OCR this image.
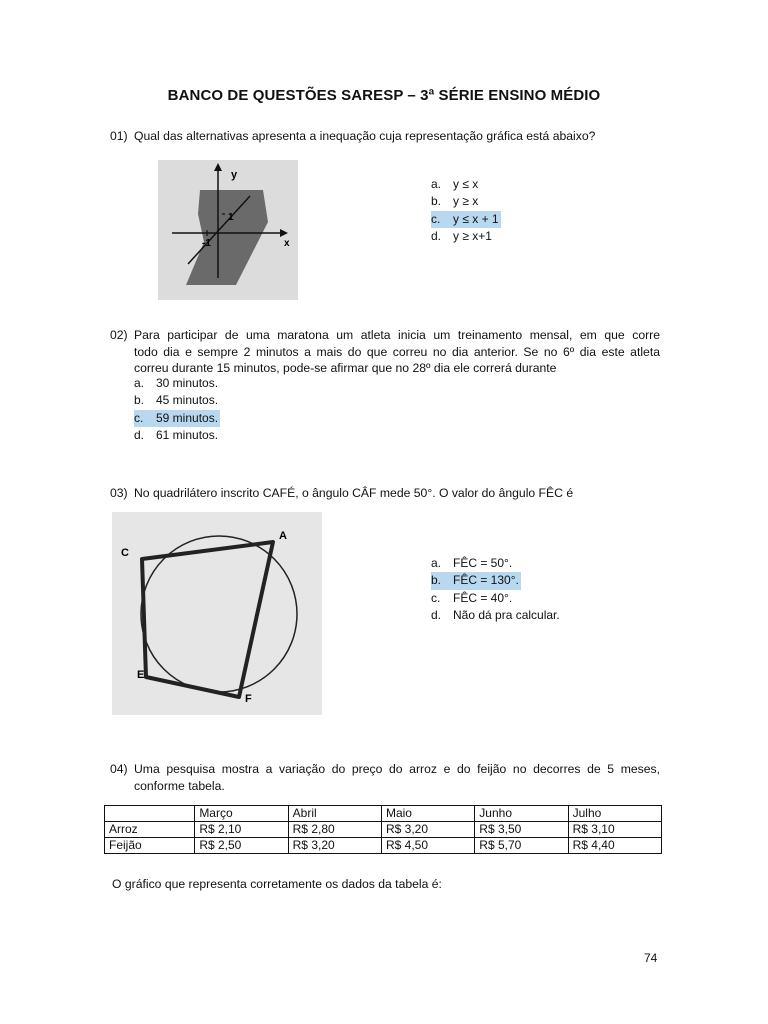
BANCO DE QUESTÕES SARESP – 3ª SÉRIE ENSINO MÉDIO
01) Qual das alternativas apresenta a inequação cuja representação gráfica está abaixo?
y
x
1
-1
a. y ≤ x
b. y ≥ x
c. y ≤ x + 1
d. y ≥ x+1
02) Para participar de uma maratona um atleta inicia um treinamento mensal, em que corre
todo dia e sempre 2 minutos a mais do que correu no dia anterior. Se no 6º dia este atleta
correu durante 15 minutos, pode-se afirmar que no 28º dia ele correrá durante
a. 30 minutos.
b. 45 minutos.
c. 59 minutos.
d. 61 minutos.
03) No quadrilátero inscrito CAFÉ, o ângulo CÂF mede 50°. O valor do ângulo FÊC é
C
A
E
F
a. FÊC = 50°.
b. FÊC = 130°.
c. FÊC = 40°.
d. Não dá pra calcular.
04) Uma pesquisa mostra a variação do preço do arroz e do feijão no decorres de 5 meses,
conforme tabela.
	Março	Abril	Maio	Junho	Julho
Arroz	R$ 2,10	R$ 2,80	R$ 3,20	R$ 3,50	R$ 3,10
Feijão	R$ 2,50	R$ 3,20	R$ 4,50	R$ 5,70	R$ 4,40
O gráfico que representa corretamente os dados da tabela é:
74
